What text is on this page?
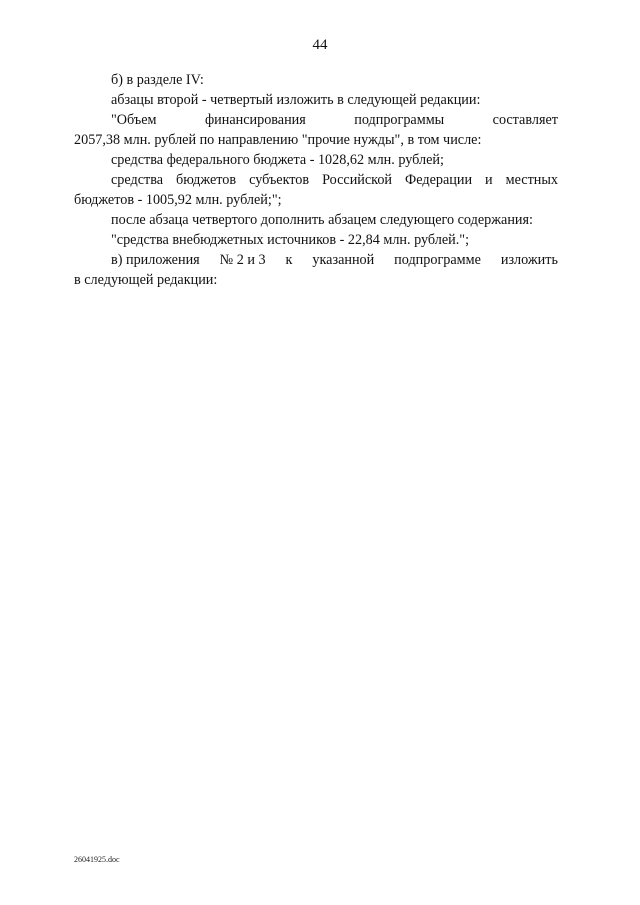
44
б) в разделе IV:
абзацы второй - четвертый изложить в следующей редакции:
"Объем	финансирования	подпрограммы	составляет
2057,38 млн. рублей по направлению "прочие нужды", в том числе:
средства федерального бюджета - 1028,62 млн. рублей;
средства бюджетов субъектов Российской Федерации и местных
бюджетов - 1005,92 млн. рублей;";
после абзаца четвертого дополнить абзацем следующего содержания:
"средства внебюджетных источников - 22,84 млн. рублей.";
в) приложения № 2 и 3 к указанной подпрограмме изложить
в следующей редакции:
26041925.doc
